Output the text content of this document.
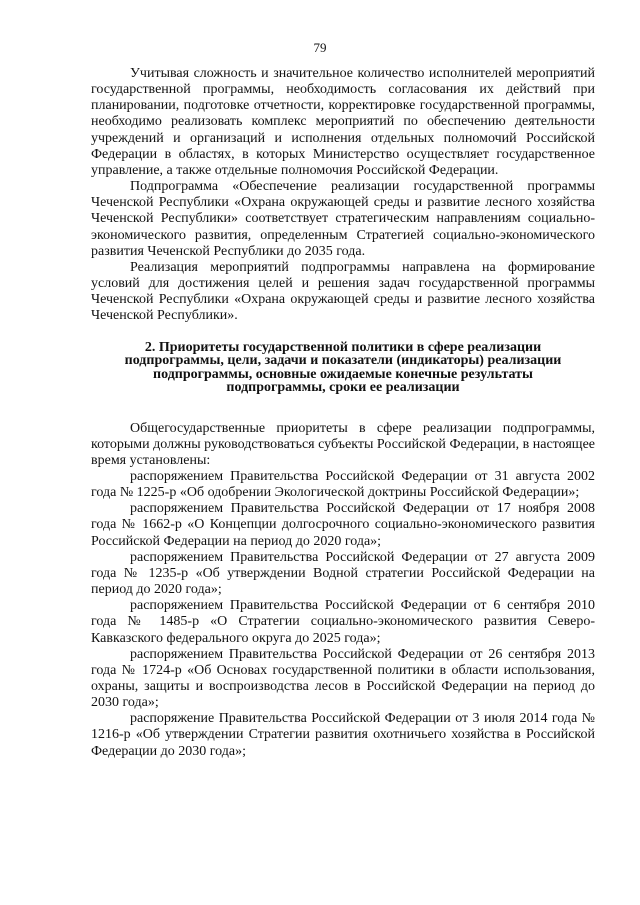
79

Учитывая сложность и значительное количество исполнителей мероприятий государственной программы, необходимость согласования их действий при планировании, подготовке отчетности, корректировке государственной программы, необходимо реализовать комплекс мероприятий по обеспечению деятельности учреждений и организаций и исполнения отдельных полномочий Российской Федерации в областях, в которых Министерство осуществляет государственное управление, а также отдельные полномочия Российской Федерации.

Подпрограмма «Обеспечение реализации государственной программы Чеченской Республики «Охрана окружающей среды и развитие лесного хозяйства Чеченской Республики» соответствует стратегическим направлениям социально-экономического развития, определенным Стратегией социально-экономического развития Чеченской Республики до 2035 года.

Реализация мероприятий подпрограммы направлена на формирование условий для достижения целей и решения задач государственной программы Чеченской Республики «Охрана окружающей среды и развитие лесного хозяйства Чеченской Республики».

2. Приоритеты государственной политики в сфере реализации
подпрограммы, цели, задачи и показатели (индикаторы) реализации
подпрограммы, основные ожидаемые конечные результаты
подпрограммы, сроки ее реализации

Общегосударственные приоритеты в сфере реализации подпрограммы, которыми должны руководствоваться субъекты Российской Федерации, в настоящее время установлены:

распоряжением Правительства Российской Федерации от 31 августа 2002 года № 1225-р «Об одобрении Экологической доктрины Российской Федерации»;

распоряжением Правительства Российской Федерации от 17 ноября 2008 года № 1662-р «О Концепции долгосрочного социально-экономического развития Российской Федерации на период до 2020 года»;

распоряжением Правительства Российской Федерации от 27 августа 2009 года № 1235-р «Об утверждении Водной стратегии Российской Федерации на период до 2020 года»;

распоряжением Правительства Российской Федерации от 6 сентября 2010 года № 1485-р «О Стратегии социально-экономического развития Северо-Кавказского федерального округа до 2025 года»;

распоряжением Правительства Российской Федерации от 26 сентября 2013 года № 1724-р «Об Основах государственной политики в области использования, охраны, защиты и воспроизводства лесов в Российской Федерации на период до 2030 года»;

распоряжение Правительства Российской Федерации от 3 июля 2014 года № 1216-р «Об утверждении Стратегии развития охотничьего хозяйства в Российской Федерации до 2030 года»;
